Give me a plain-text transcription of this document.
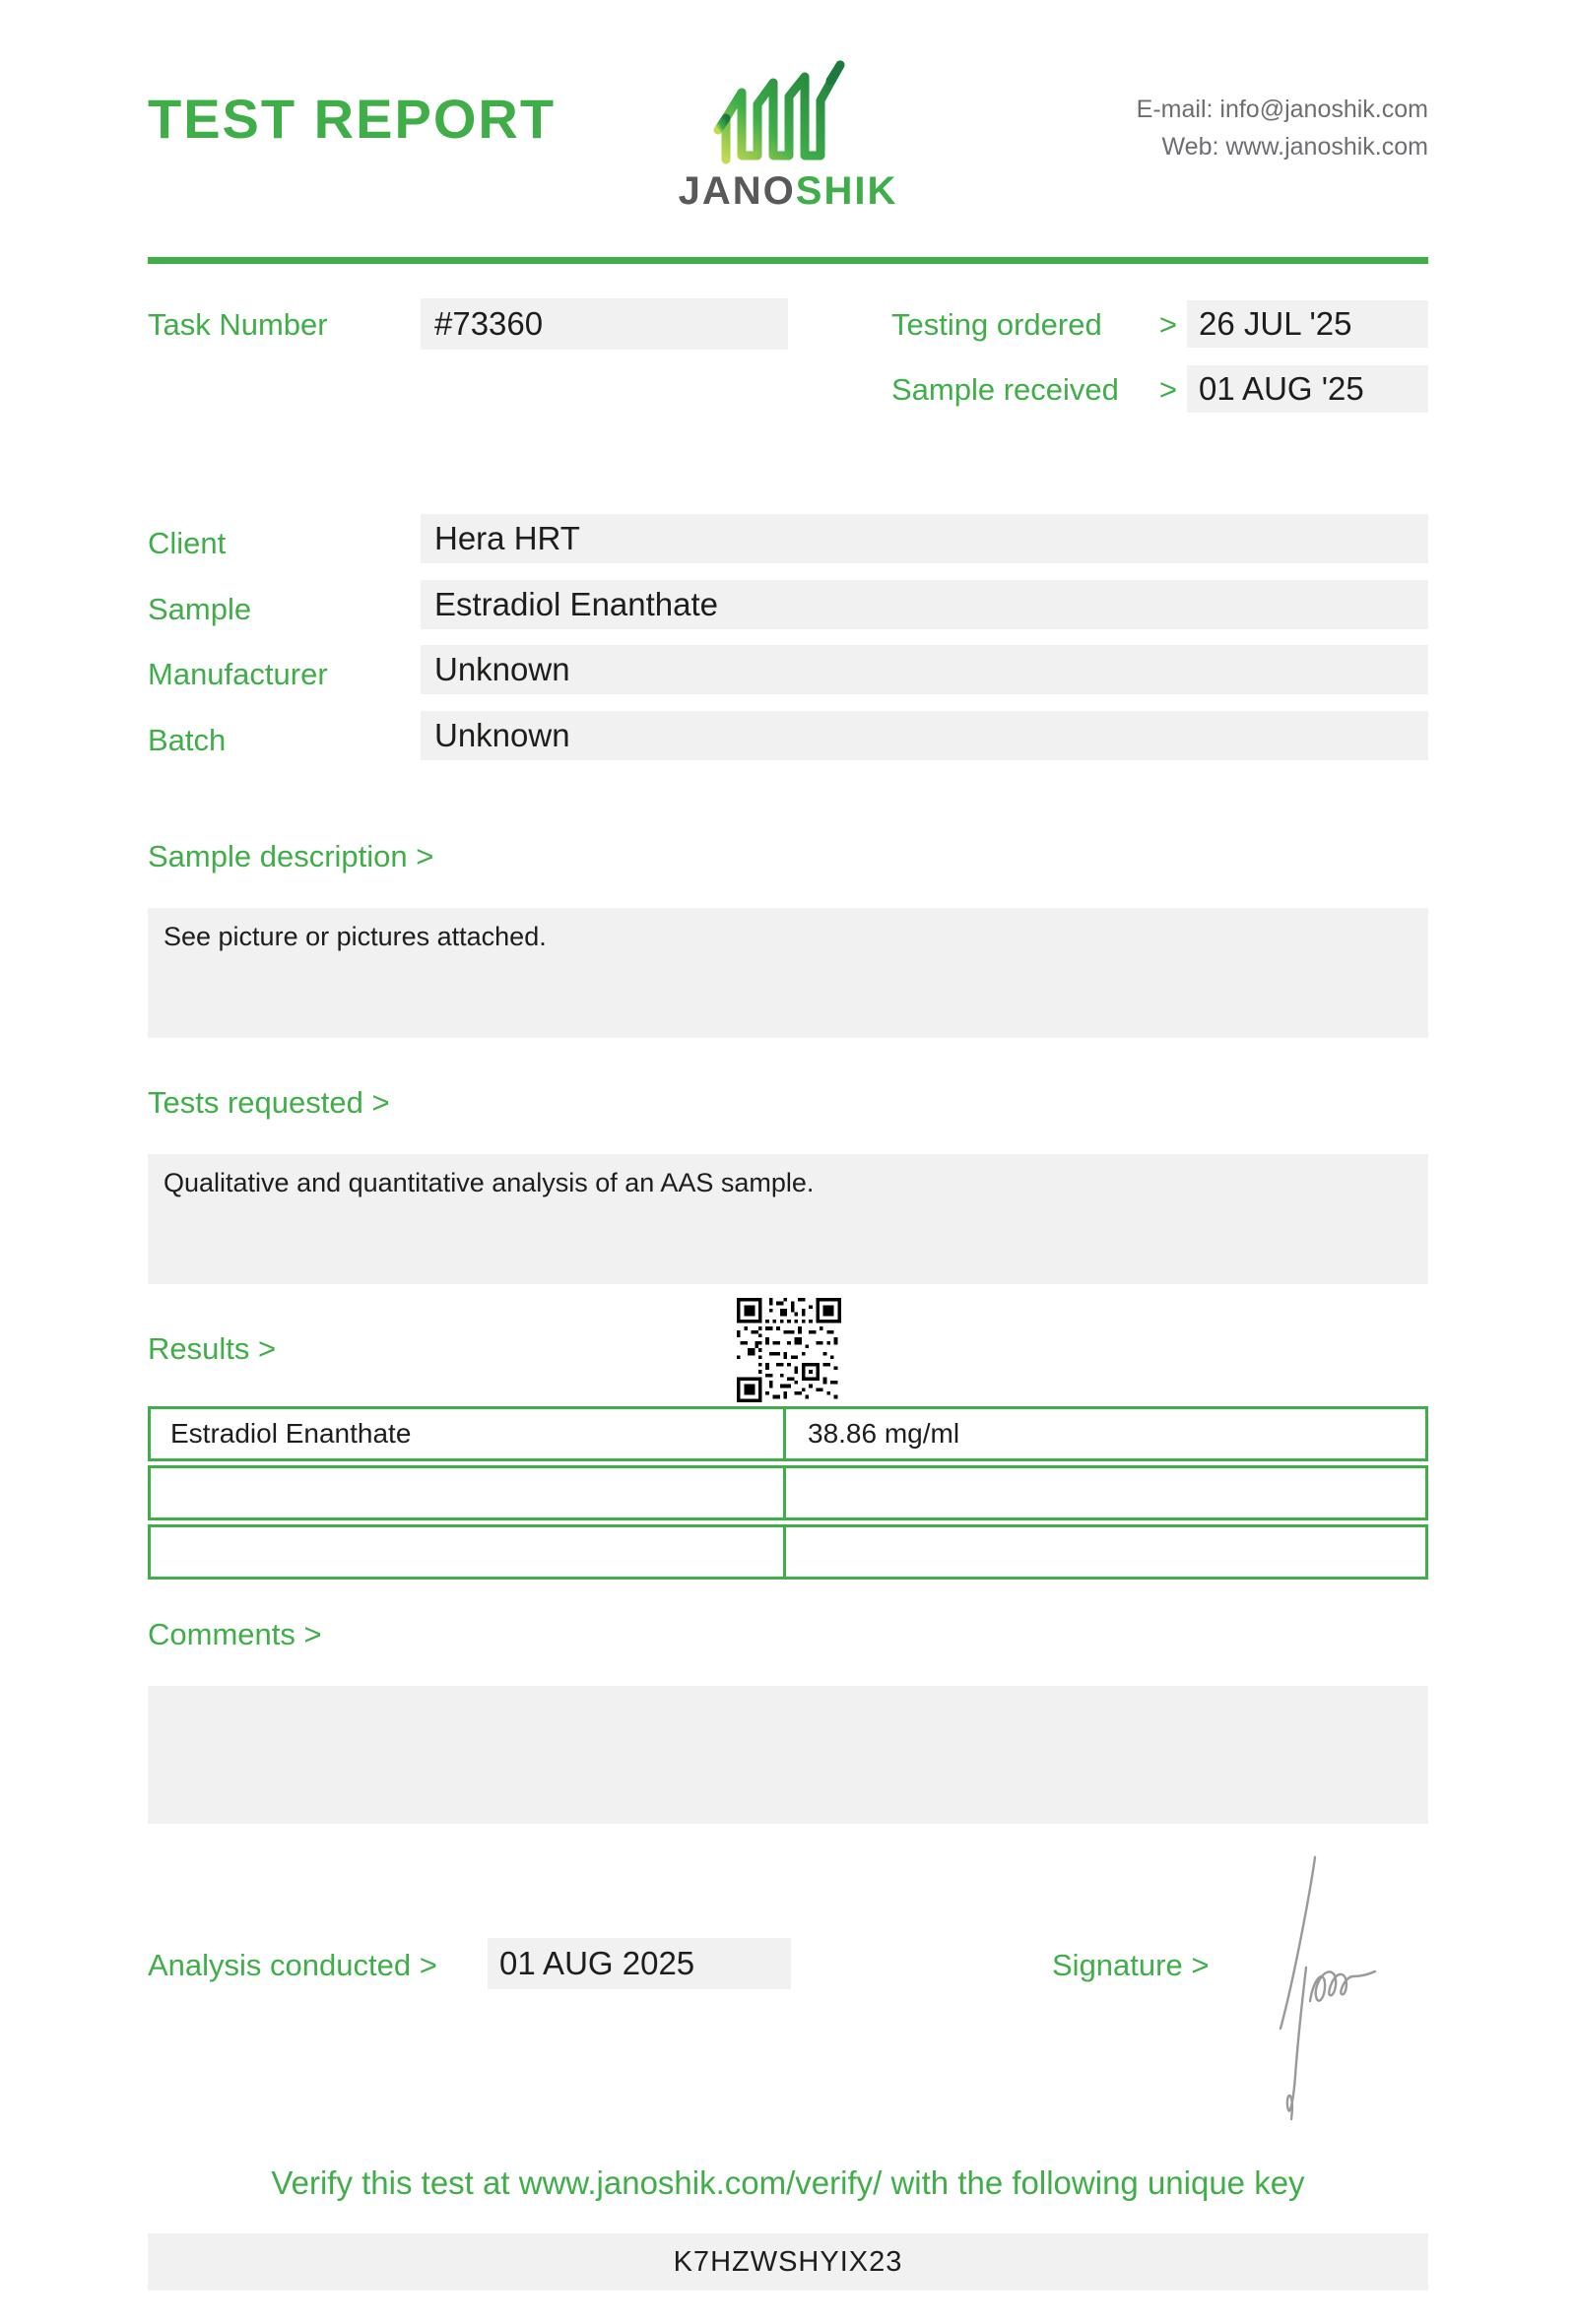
TEST REPORT
JANOSHIK
E-mail: info@janoshik.com
Web: www.janoshik.com
Task Number	#73360	Testing ordered > 26 JUL '25
Sample received > 01 AUG '25
Client	Hera HRT
Sample	Estradiol Enanthate
Manufacturer	Unknown
Batch	Unknown
Sample description >
See picture or pictures attached.
Tests requested >
Qualitative and quantitative analysis of an AAS sample.
Results >
Estradiol Enanthate	38.86 mg/ml
Comments >
Analysis conducted >	01 AUG 2025	Signature >
Verify this test at www.janoshik.com/verify/ with the following unique key
K7HZWSHYIX23
